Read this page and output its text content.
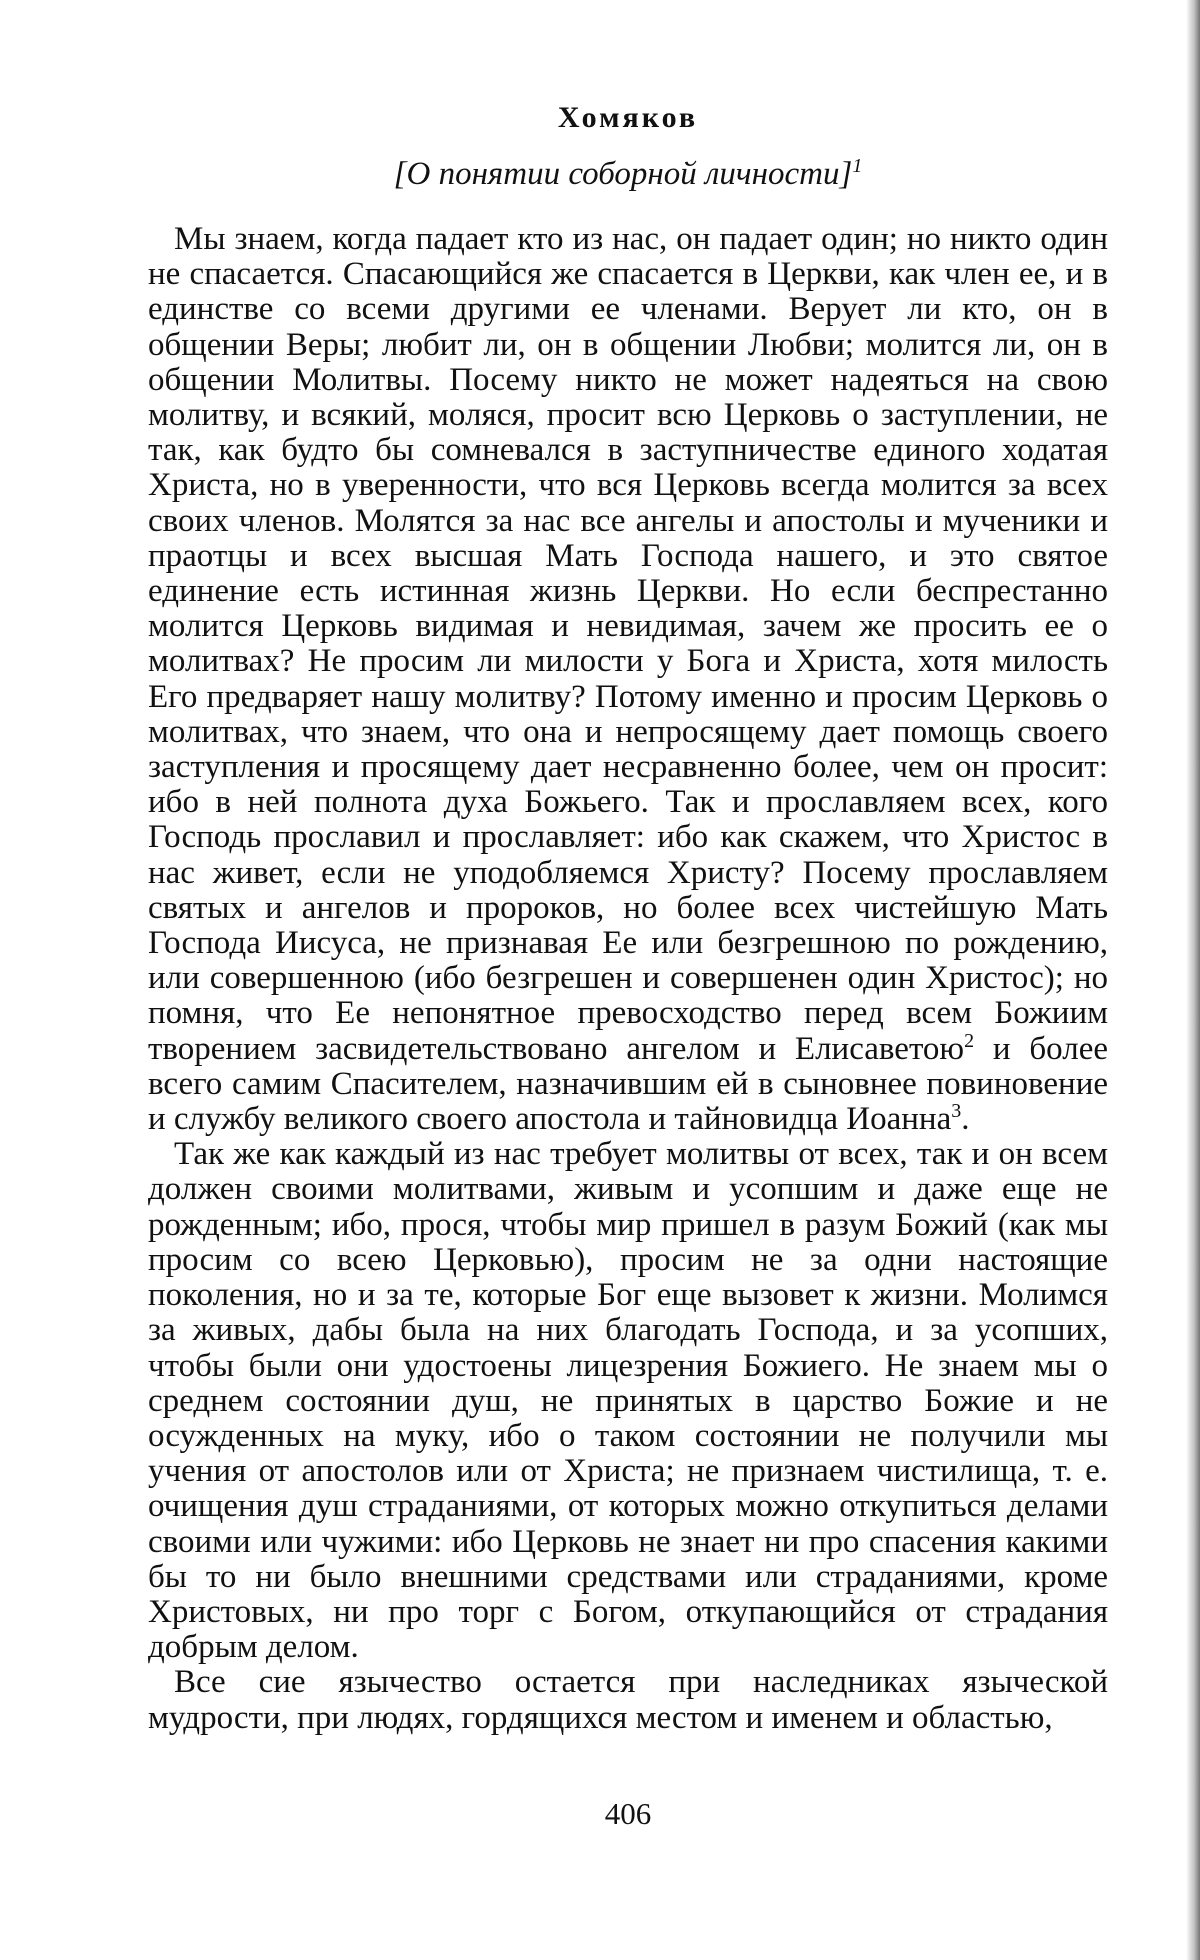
Хомяков
[О понятии соборной личности]$^1$

Мы знаем, когда падает кто из нас, он падает один; но никто один не спасается. Спасающийся же спасается в Церкви, как член ее, и в единстве со всеми другими ее членами. Верует ли кто, он в общении Веры; любит ли, он в общении Любви; молится ли, он в общении Молитвы. Посему никто не может надеяться на свою молитву, и всякий, моляся, просит всю Церковь о заступлении, не так, как будто бы сомневался в заступничестве единого ходатая Христа, но в уверенности, что вся Церковь всегда молится за всех своих членов. Молятся за нас все ангелы и апостолы и мученики и праотцы и всех высшая Мать Господа нашего, и это святое единение есть истинная жизнь Церкви. Но если беспрестанно молится Церковь видимая и невидимая, зачем же просить ее о молитвах? Не просим ли милости у Бога и Христа, хотя милость Его предваряет нашу молитву? Потому именно и просим Церковь о молитвах, что знаем, что она и непросящему дает помощь своего заступления и просящему дает несравненно более, чем он просит: ибо в ней полнота духа Божьего. Так и прославляем всех, кого Господь прославил и прославляет: ибо как скажем, что Христос в нас живет, если не уподобляемся Христу? Посему прославляем святых и ангелов и пророков, но более всех чистейшую Мать Господа Иисуса, не признавая Ее или безгрешною по рождению, или совершенною (ибо безгрешен и совершенен один Христос); но помня, что Ее непонятное превосходство перед всем Божиим творением засвидетельствовано ангелом и Елисаветою$^2$ и более всего самим Спасителем, назначившим ей в сыновнее повиновение и службу великого своего апостола и тайновидца Иоанна$^3$.

Так же как каждый из нас требует молитвы от всех, так и он всем должен своими молитвами, живым и усопшим и даже еще не рожденным; ибо, прося, чтобы мир пришел в разум Божий (как мы просим со всею Церковью), просим не за одни настоящие поколения, но и за те, которые Бог еще вызовет к жизни. Молимся за живых, дабы была на них благодать Господа, и за усопших, чтобы были они удостоены лицезрения Божиего. Не знаем мы о среднем состоянии душ, не принятых в царство Божие и не осужденных на муку, ибо о таком состоянии не получили мы учения от апостолов или от Христа; не признаем чистилища, т. е. очищения душ страданиями, от которых можно откупиться делами своими или чужими: ибо Церковь не знает ни про спасения какими бы то ни было внешними средствами или страданиями, кроме Христовых, ни про торг с Богом, откупающийся от страдания добрым делом.

Все сие язычество остается при наследниках языческой мудрости, при людях, гордящихся местом и именем и областью,

406
